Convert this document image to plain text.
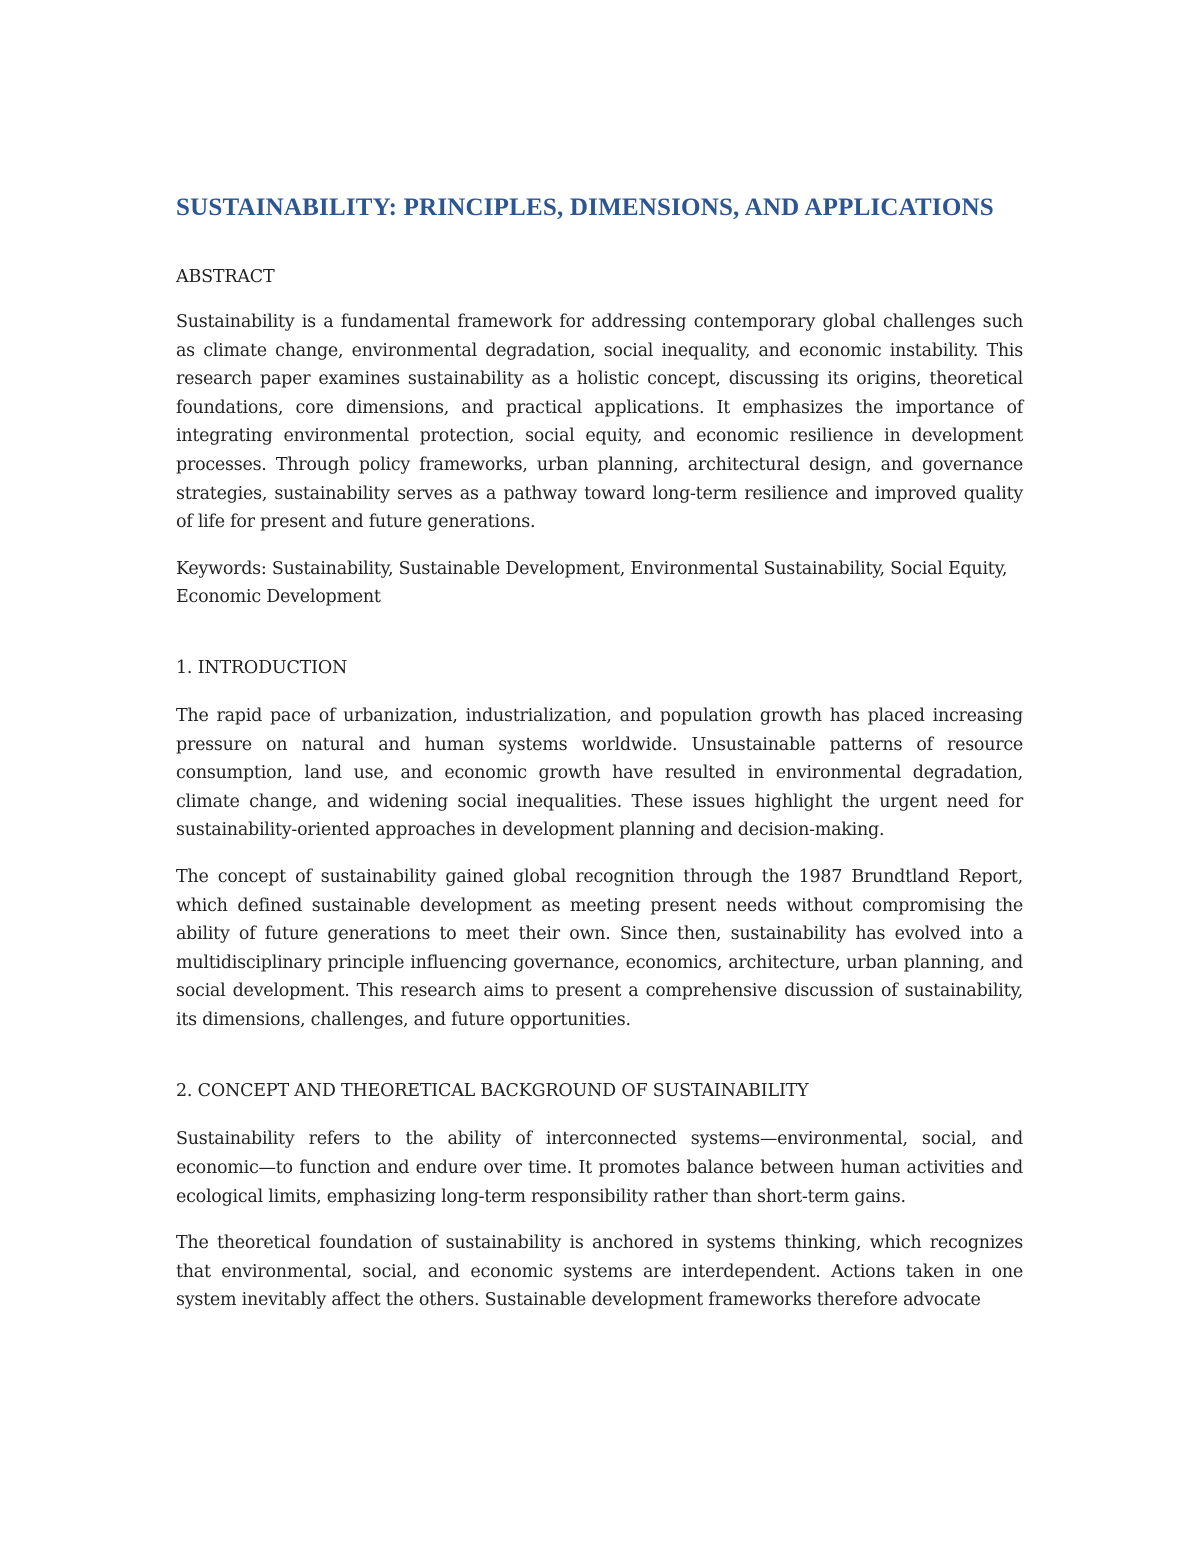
SUSTAINABILITY: PRINCIPLES, DIMENSIONS, AND APPLICATIONS
ABSTRACT

Sustainability is a fundamental framework for addressing contemporary global challenges such as climate change, environmental degradation, social inequality, and economic instability. This research paper examines sustainability as a holistic concept, discussing its origins, theoretical foundations, core dimensions, and practical applications. It emphasizes the importance of integrating environmental protection, social equity, and economic resilience in development processes. Through policy frameworks, urban planning, architectural design, and governance strategies, sustainability serves as a pathway toward long-term resilience and improved quality of life for present and future generations.

Keywords: Sustainability, Sustainable Development, Environmental Sustainability, Social Equity, Economic Development

1. INTRODUCTION

The rapid pace of urbanization, industrialization, and population growth has placed increasing pressure on natural and human systems worldwide. Unsustainable patterns of resource consumption, land use, and economic growth have resulted in environmental degradation, climate change, and widening social inequalities. These issues highlight the urgent need for sustainability-oriented approaches in development planning and decision-making.

The concept of sustainability gained global recognition through the 1987 Brundtland Report, which defined sustainable development as meeting present needs without compromising the ability of future generations to meet their own. Since then, sustainability has evolved into a multidisciplinary principle influencing governance, economics, architecture, urban planning, and social development. This research aims to present a comprehensive discussion of sustainability, its dimensions, challenges, and future opportunities.

2. CONCEPT AND THEORETICAL BACKGROUND OF SUSTAINABILITY

Sustainability refers to the ability of interconnected systems—environmental, social, and economic—to function and endure over time. It promotes balance between human activities and ecological limits, emphasizing long-term responsibility rather than short-term gains.

The theoretical foundation of sustainability is anchored in systems thinking, which recognizes that environmental, social, and economic systems are interdependent. Actions taken in one system inevitably affect the others. Sustainable development frameworks therefore advocate
